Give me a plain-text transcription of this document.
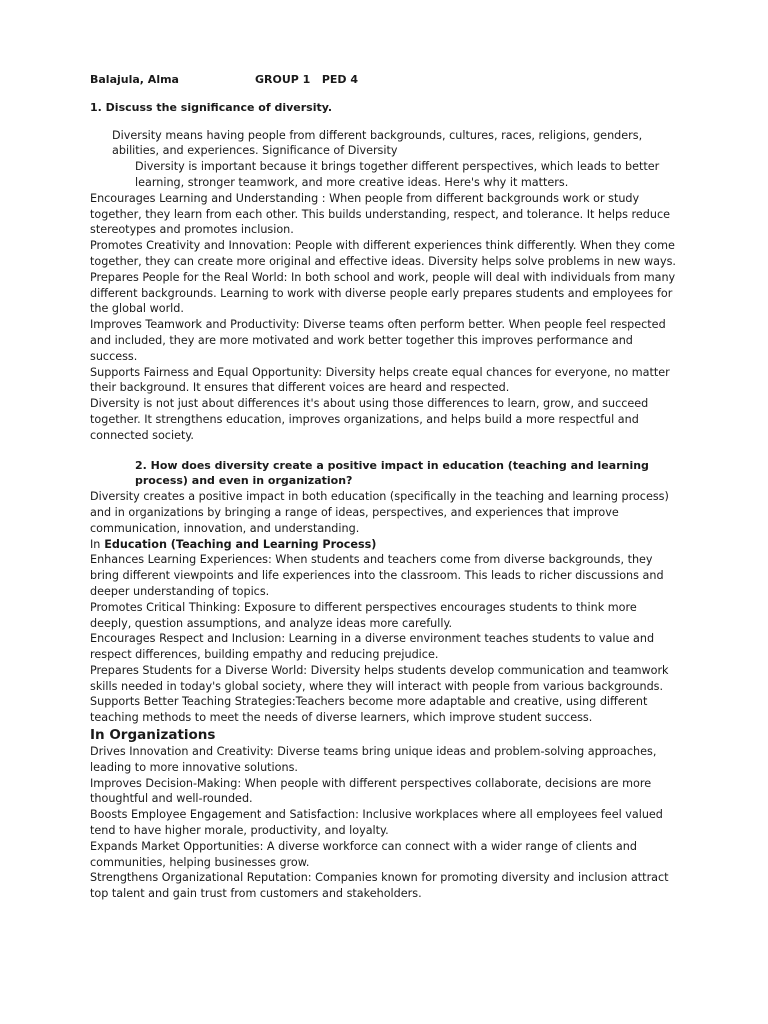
Balajula, Alma	GROUP 1   PED 4

1. Discuss the significance of diversity.

Diversity means having people from different backgrounds, cultures, races, religions, genders, abilities, and experiences. Significance of Diversity

Diversity is important because it brings together different perspectives, which leads to better learning, stronger teamwork, and more creative ideas. Here's why it matters.

Encourages Learning and Understanding : When people from different backgrounds work or study together, they learn from each other. This builds understanding, respect, and tolerance. It helps reduce stereotypes and promotes inclusion.

Promotes Creativity and Innovation: People with different experiences think differently. When they come together, they can create more original and effective ideas. Diversity helps solve problems in new ways.

Prepares People for the Real World: In both school and work, people will deal with individuals from many different backgrounds. Learning to work with diverse people early prepares students and employees for the global world.

Improves Teamwork and Productivity: Diverse teams often perform better. When people feel respected and included, they are more motivated and work better together this improves performance and success.

Supports Fairness and Equal Opportunity: Diversity helps create equal chances for everyone, no matter their background. It ensures that different voices are heard and respected.

Diversity is not just about differences it's about using those differences to learn, grow, and succeed together. It strengthens education, improves organizations, and helps build a more respectful and connected society.

2. How does diversity create a positive impact in education (teaching and learning process) and even in organization?

Diversity creates a positive impact in both education (specifically in the teaching and learning process) and in organizations by bringing a range of ideas, perspectives, and experiences that improve communication, innovation, and understanding.

In Education (Teaching and Learning Process)

Enhances Learning Experiences: When students and teachers come from diverse backgrounds, they bring different viewpoints and life experiences into the classroom. This leads to richer discussions and deeper understanding of topics.

Promotes Critical Thinking: Exposure to different perspectives encourages students to think more deeply, question assumptions, and analyze ideas more carefully.

Encourages Respect and Inclusion: Learning in a diverse environment teaches students to value and respect differences, building empathy and reducing prejudice.

Prepares Students for a Diverse World: Diversity helps students develop communication and teamwork skills needed in today's global society, where they will interact with people from various backgrounds.

Supports Better Teaching Strategies:Teachers become more adaptable and creative, using different teaching methods to meet the needs of diverse learners, which improve student success.

In Organizations

Drives Innovation and Creativity: Diverse teams bring unique ideas and problem-solving approaches, leading to more innovative solutions.

Improves Decision-Making: When people with different perspectives collaborate, decisions are more thoughtful and well-rounded.

Boosts Employee Engagement and Satisfaction: Inclusive workplaces where all employees feel valued tend to have higher morale, productivity, and loyalty.

Expands Market Opportunities: A diverse workforce can connect with a wider range of clients and communities, helping businesses grow.

Strengthens Organizational Reputation: Companies known for promoting diversity and inclusion attract top talent and gain trust from customers and stakeholders.
